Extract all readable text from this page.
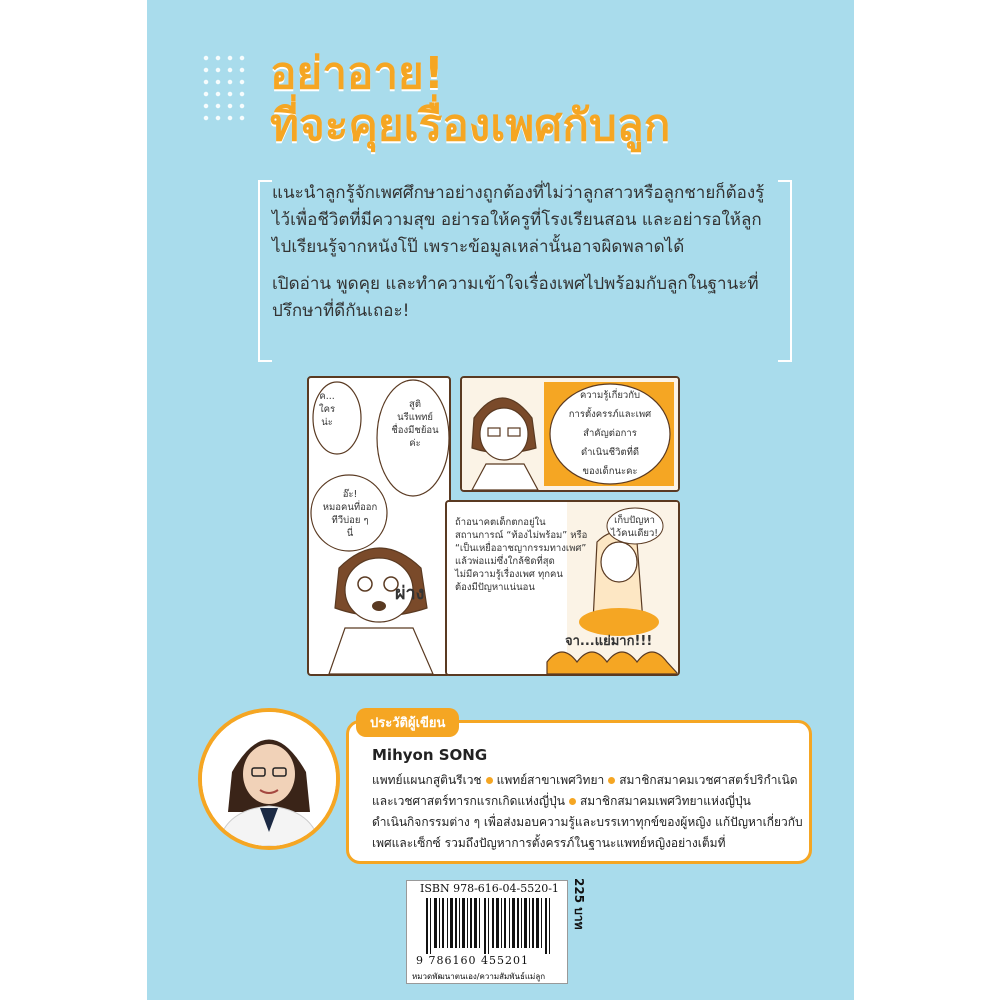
อย่าอาย!
ที่จะคุยเรื่องเพศกับลูก

แนะนำลูกรู้จักเพศศึกษาอย่างถูกต้องที่ไม่ว่าลูกสาวหรือลูกชายก็ต้องรู้ไว้เพื่อชีวิตที่มีความสุข อย่ารอให้ครูที่โรงเรียนสอน และอย่ารอให้ลูกไปเรียนรู้จากหนังโป๊ เพราะข้อมูลเหล่านั้นอาจผิดพลาดได้

เปิดอ่าน พูดคุย และทำความเข้าใจเรื่องเพศไปพร้อมกับลูกในฐานะที่ปรึกษาที่ดีกันเถอะ!

ค...
ใคร
น่ะ
อ๊ะ!
หมอคนที่ออก
ทีวีบ่อย ๆ
นี่
สูติ
นรีแพทย์
ชื่องมีชย้อน
ค่ะ
ผ่าง
ความรู้เกี่ยวกับ
การตั้งครรภ์และเพศ
สำคัญต่อการ
ดำเนินชีวิตที่ดี
ของเด็กนะคะ
ถ้าอนาคตเด็กตกอยู่ใน
สถานการณ์ “ท้องไม่พร้อม” หรือ
“เป็นเหยื่ออาชญากรรมทางเพศ”
แล้วพ่อแม่ซึ่งใกล้ชิดที่สุด
ไม่มีความรู้เรื่องเพศ ทุกคน
ต้องมีปัญหาแน่นอน
เก็บปัญหา
ไว้คนเดียว!
จา...แย่มาก!!!
ประวัติผู้เขียน
Mihyon SONG
แพทย์แผนกสูตินรีเวช แพทย์สาขาเพศวิทยา สมาชิกสมาคมเวชศาสตร์ปริกำเนิด
และเวชศาสตร์ทารกแรกเกิดแห่งญี่ปุ่น สมาชิกสมาคมเพศวิทยาแห่งญี่ปุ่น
ดำเนินกิจกรรมต่าง ๆ เพื่อส่งมอบความรู้และบรรเทาทุกข์ของผู้หญิง แก้ปัญหาเกี่ยวกับเพศและเซ็กซ์ รวมถึงปัญหาการตั้งครรภ์ในฐานะแพทย์หญิงอย่างเต็มที่
ISBN 978-616-04-5520-1
9 786160 455201
หมวดพัฒนาตนเอง/ความสัมพันธ์แม่ลูก
225 บาท
